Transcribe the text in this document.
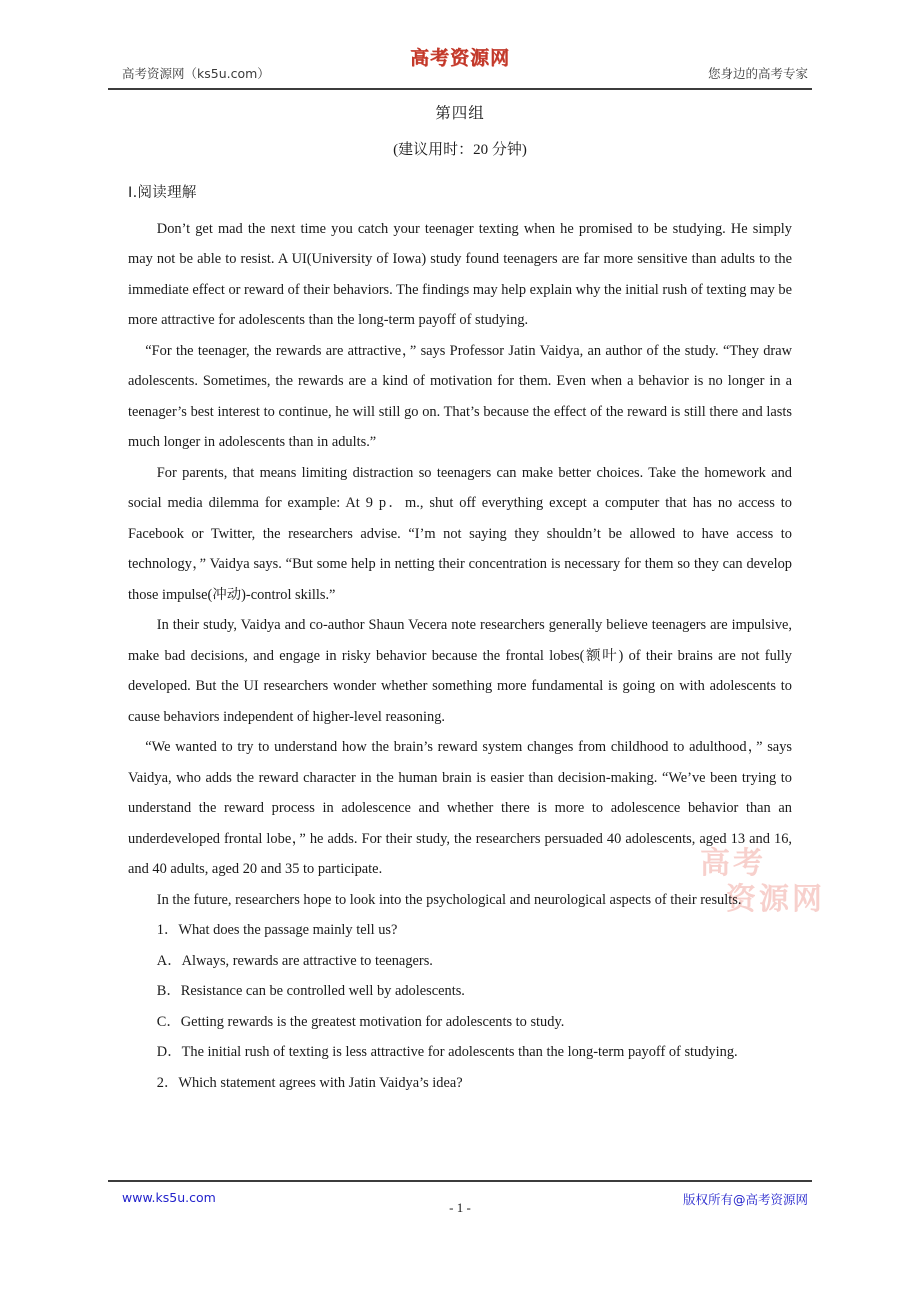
高考资源网
高考资源网（ks5u.com）	您身边的高考专家
高考
资源网
第四组
(建议用时：20 分钟)
Ⅰ.阅读理解

Don’t get mad the next time you catch your teenager texting when he promised to be studying. He simply may not be able to resist. A UI(University of Iowa) study found teenagers are far more sensitive than adults to the immediate effect or reward of their behaviors. The findings may help explain why the initial rush of texting may be more attractive for adolescents than the long-term payoff of studying.

“For the teenager, the rewards are attractive，” says Professor Jatin Vaidya, an author of the study. “They draw adolescents. Sometimes, the rewards are a kind of motivation for them. Even when a behavior is no longer in a teenager’s best interest to continue, he will still go on. That’s because the effect of the reward is still there and lasts much longer in adolescents than in adults.”

For parents, that means limiting distraction so teenagers can make better choices. Take the homework and social media dilemma for example: At 9 p．m., shut off everything except a computer that has no access to Facebook or Twitter, the researchers advise. “I’m not saying they shouldn’t be allowed to have access to technology，” Vaidya says. “But some help in netting their concentration is necessary for them so they can develop those impulse(冲动)-control skills.”

In their study, Vaidya and co-author Shaun Vecera note researchers generally believe teenagers are impulsive, make bad decisions, and engage in risky behavior because the frontal lobes(额叶) of their brains are not fully developed. But the UI researchers wonder whether something more fundamental is going on with adolescents to cause behaviors independent of higher-level reasoning.

“We wanted to try to understand how the brain’s reward system changes from childhood to adulthood，” says Vaidya, who adds the reward character in the human brain is easier than decision-making. “We’ve been trying to understand the reward process in adolescence and whether there is more to adolescence behavior than an underdeveloped frontal lobe，” he adds. For their study, the researchers persuaded 40 adolescents, aged 13 and 16, and 40 adults, aged 20 and 35 to participate.

In the future, researchers hope to look into the psychological and neurological aspects of their results.

1．What does the passage mainly tell us?

A．Always, rewards are attractive to teenagers.

B．Resistance can be controlled well by adolescents.

C．Getting rewards is the greatest motivation for adolescents to study.

D．The initial rush of texting is less attractive for adolescents than the long-term payoff of studying.

2．Which statement agrees with Jatin Vaidya’s idea?

www.ks5u.com
- 1 -
版权所有@高考资源网
